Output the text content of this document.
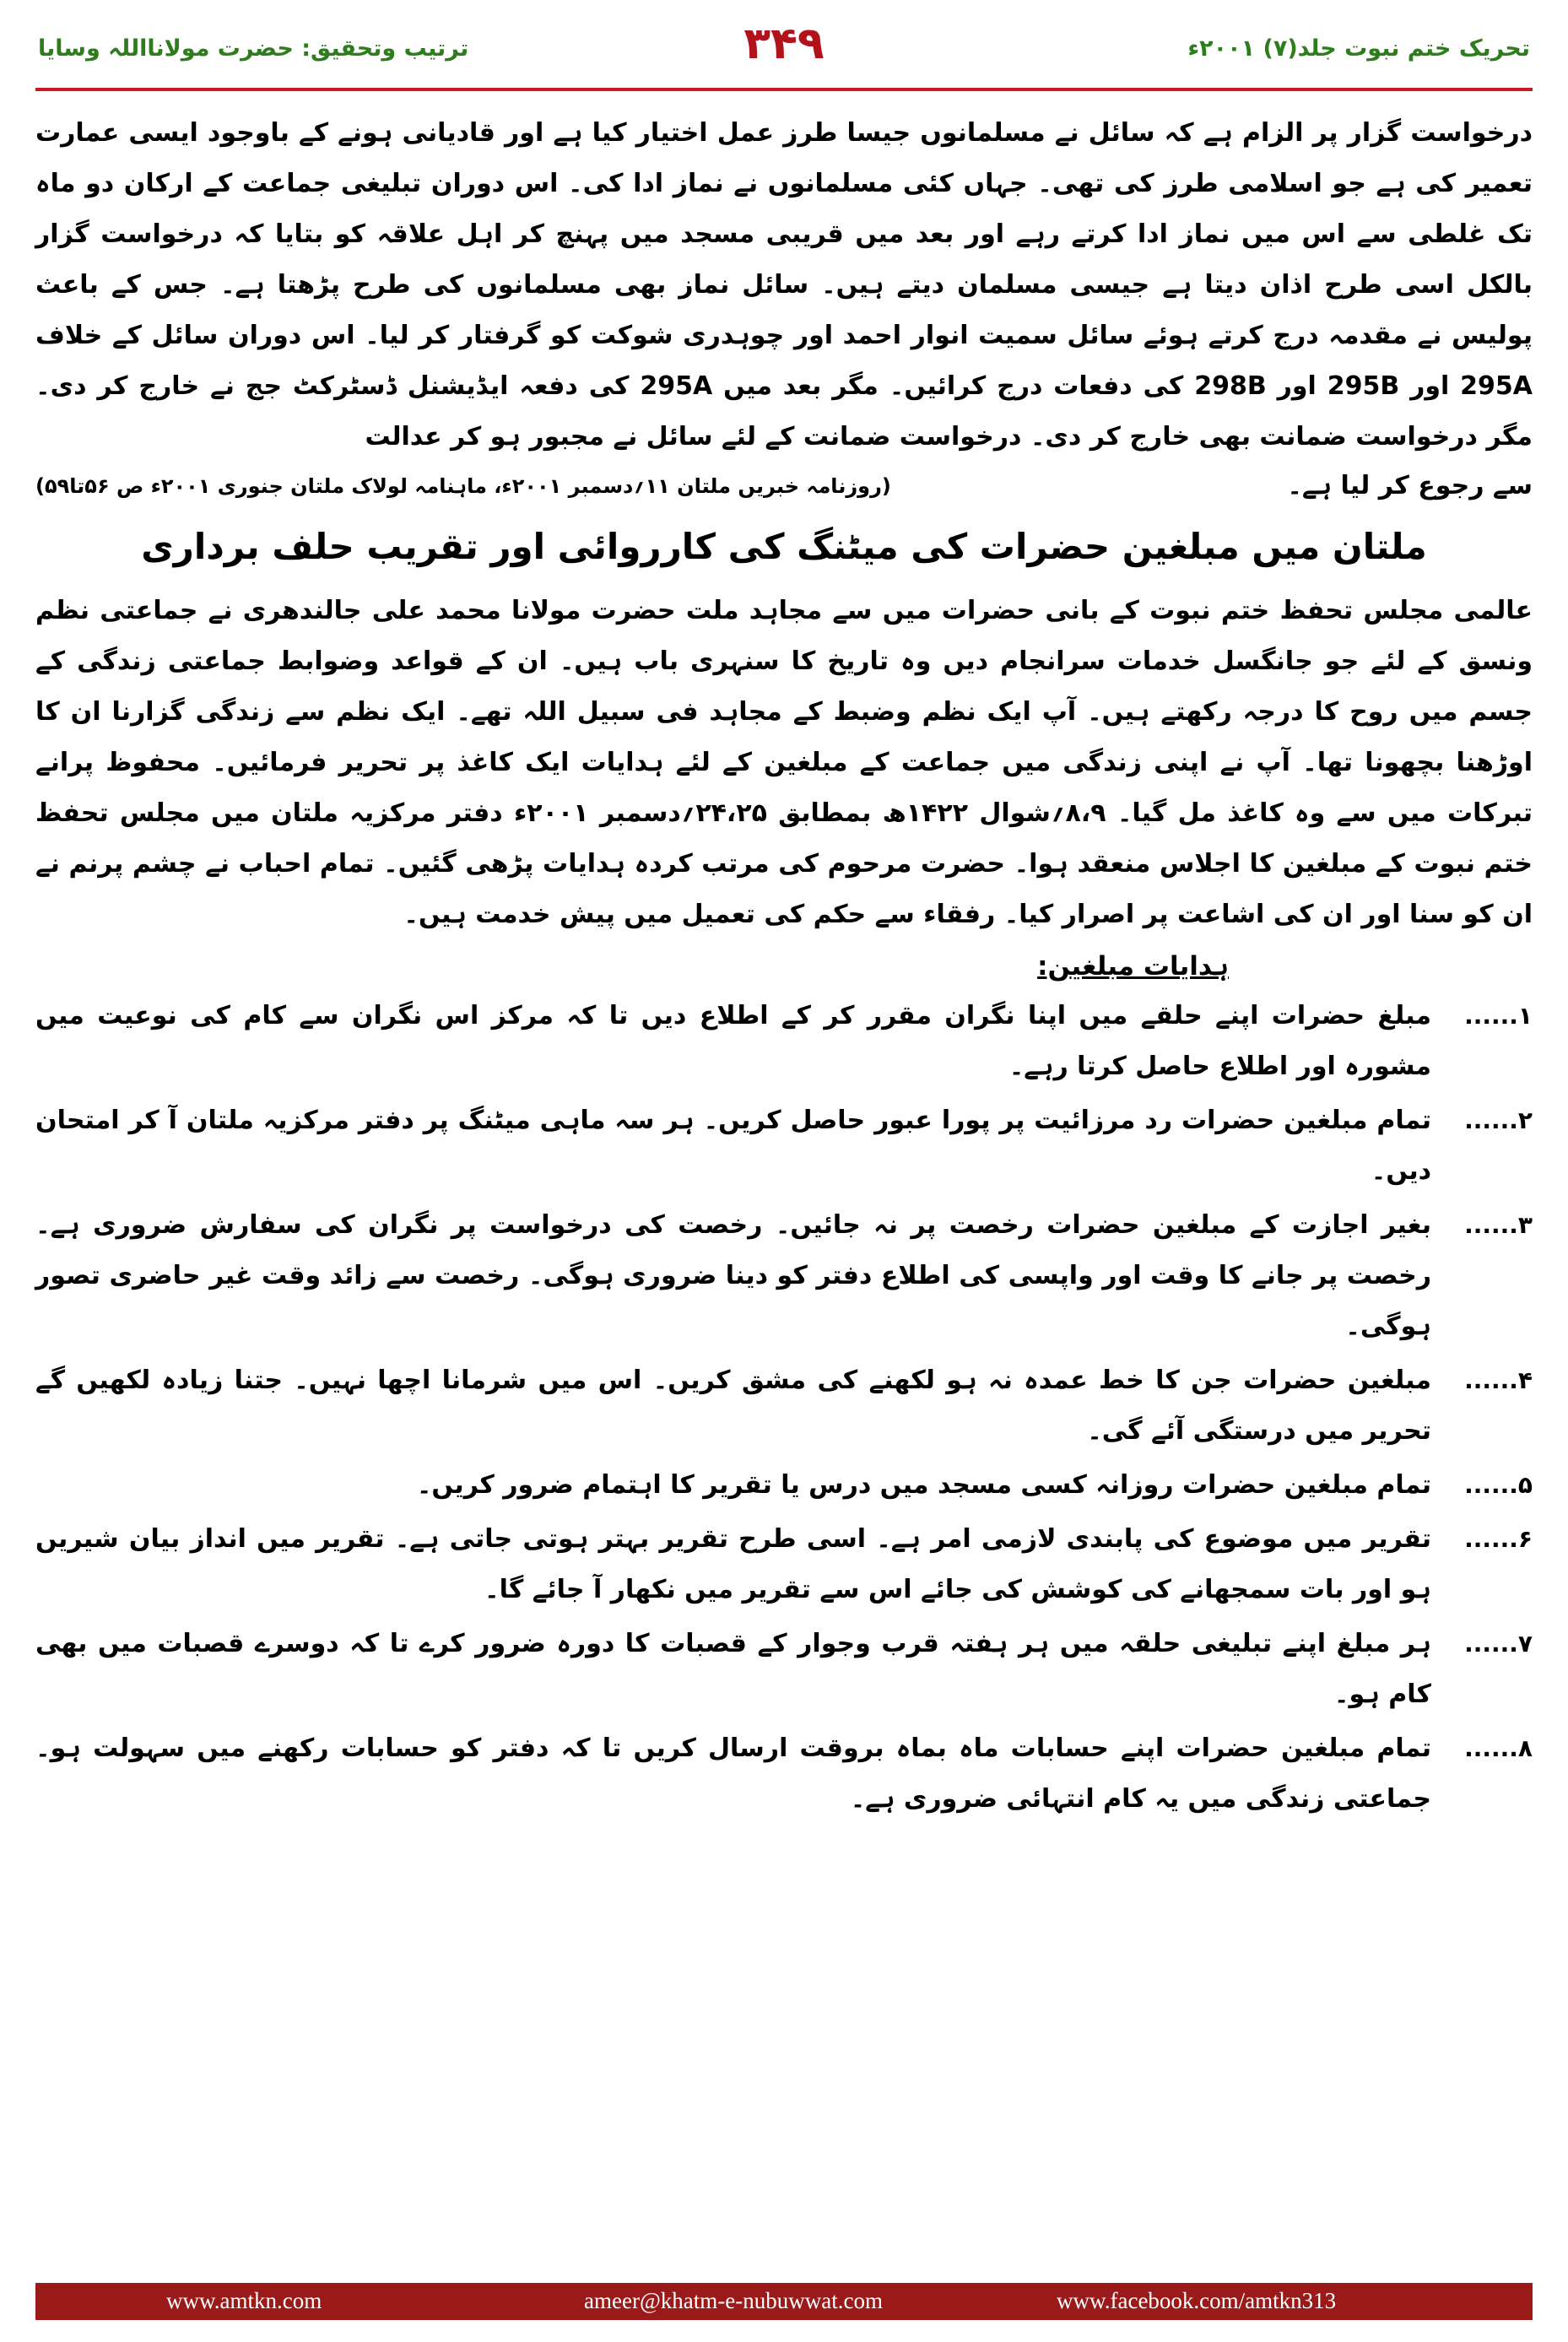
ترتیب وتحقیق: حضرت مولانااللہ وسایا	۳۴۹	تحریک ختم نبوت جلد(۷) ۲۰۰۱ء

درخواست گزار پر الزام ہے کہ سائل نے مسلمانوں جیسا طرز عمل اختیار کیا ہے اور قادیانی ہونے کے باوجود ایسی عمارت تعمیر کی ہے جو اسلامی طرز کی تھی۔ جہاں کئی مسلمانوں نے نماز ادا کی۔ اس دوران تبلیغی جماعت کے ارکان دو ماہ تک غلطی سے اس میں نماز ادا کرتے رہے اور بعد میں قریبی مسجد میں پہنچ کر اہل علاقہ کو بتایا کہ درخواست گزار بالکل اسی طرح اذان دیتا ہے جیسی مسلمان دیتے ہیں۔ سائل نماز بھی مسلمانوں کی طرح پڑھتا ہے۔ جس کے باعث پولیس نے مقدمہ درج کرتے ہوئے سائل سمیت انوار احمد اور چوہدری شوکت کو گرفتار کر لیا۔ اس دوران سائل کے خلاف 295A اور 295B اور 298B کی دفعات درج کرائیں۔ مگر بعد میں 295A کی دفعہ ایڈیشنل ڈسٹرکٹ جج نے خارج کر دی۔ مگر درخواست ضمانت بھی خارج کر دی۔ درخواست ضمانت کے لئے سائل نے مجبور ہو کر عدالت

سے رجوع کر لیا ہے۔
(روزنامہ خبریں ملتان ۱۱؍دسمبر ۲۰۰۱ء، ماہنامہ لولاک ملتان جنوری ۲۰۰۱ء ص ۵۶تا۵۹)
ملتان میں مبلغین حضرات کی میٹنگ کی کارروائی اور تقریب حلف برداری

عالمی مجلس تحفظ ختم نبوت کے بانی حضرات میں سے مجاہد ملت حضرت مولانا محمد علی جالندھری نے جماعتی نظم ونسق کے لئے جو جانگسل خدمات سرانجام دیں وہ تاریخ کا سنہری باب ہیں۔ ان کے قواعد وضوابط جماعتی زندگی کے جسم میں روح کا درجہ رکھتے ہیں۔ آپ ایک نظم وضبط کے مجاہد فی سبیل اللہ تھے۔ ایک نظم سے زندگی گزارنا ان کا اوڑھنا بچھونا تھا۔ آپ نے اپنی زندگی میں جماعت کے مبلغین کے لئے ہدایات ایک کاغذ پر تحریر فرمائیں۔ محفوظ پرانے تبرکات میں سے وہ کاغذ مل گیا۔ ۸،۹؍شوال ۱۴۲۲ھ بمطابق ۲۴،۲۵؍دسمبر ۲۰۰۱ء دفتر مرکزیہ ملتان میں مجلس تحفظ ختم نبوت کے مبلغین کا اجلاس منعقد ہوا۔ حضرت مرحوم کی مرتب کردہ ہدایات پڑھی گئیں۔ تمام احباب نے چشم پرنم نے ان کو سنا اور ان کی اشاعت پر اصرار کیا۔ رفقاء سے حکم کی تعمیل میں پیش خدمت ہیں۔

ہدایات مبلغین:
۱......
مبلغ حضرات اپنے حلقے میں اپنا نگران مقرر کر کے اطلاع دیں تا کہ مرکز اس نگران سے کام کی نوعیت میں مشورہ اور اطلاع حاصل کرتا رہے۔
۲......
تمام مبلغین حضرات رد مرزائیت پر پورا عبور حاصل کریں۔ ہر سہ ماہی میٹنگ پر دفتر مرکزیہ ملتان آ کر امتحان دیں۔
۳......
بغیر اجازت کے مبلغین حضرات رخصت پر نہ جائیں۔ رخصت کی درخواست پر نگران کی سفارش ضروری ہے۔ رخصت پر جانے کا وقت اور واپسی کی اطلاع دفتر کو دینا ضروری ہوگی۔ رخصت سے زائد وقت غیر حاضری تصور ہوگی۔
۴......
مبلغین حضرات جن کا خط عمدہ نہ ہو لکھنے کی مشق کریں۔ اس میں شرمانا اچھا نہیں۔ جتنا زیادہ لکھیں گے تحریر میں درستگی آئے گی۔
۵......
تمام مبلغین حضرات روزانہ کسی مسجد میں درس یا تقریر کا اہتمام ضرور کریں۔
۶......
تقریر میں موضوع کی پابندی لازمی امر ہے۔ اسی طرح تقریر بہتر ہوتی جاتی ہے۔ تقریر میں انداز بیان شیریں ہو اور بات سمجھانے کی کوشش کی جائے اس سے تقریر میں نکھار آ جائے گا۔
۷......
ہر مبلغ اپنے تبلیغی حلقہ میں ہر ہفتہ قرب وجوار کے قصبات کا دورہ ضرور کرے تا کہ دوسرے قصبات میں بھی کام ہو۔
۸......
تمام مبلغین حضرات اپنے حسابات ماہ بماہ بروقت ارسال کریں تا کہ دفتر کو حسابات رکھنے میں سہولت ہو۔ جماعتی زندگی میں یہ کام انتہائی ضروری ہے۔
www.amtkn.com	ameer@khatm-e-nubuwwat.com	www.facebook.com/amtkn313
